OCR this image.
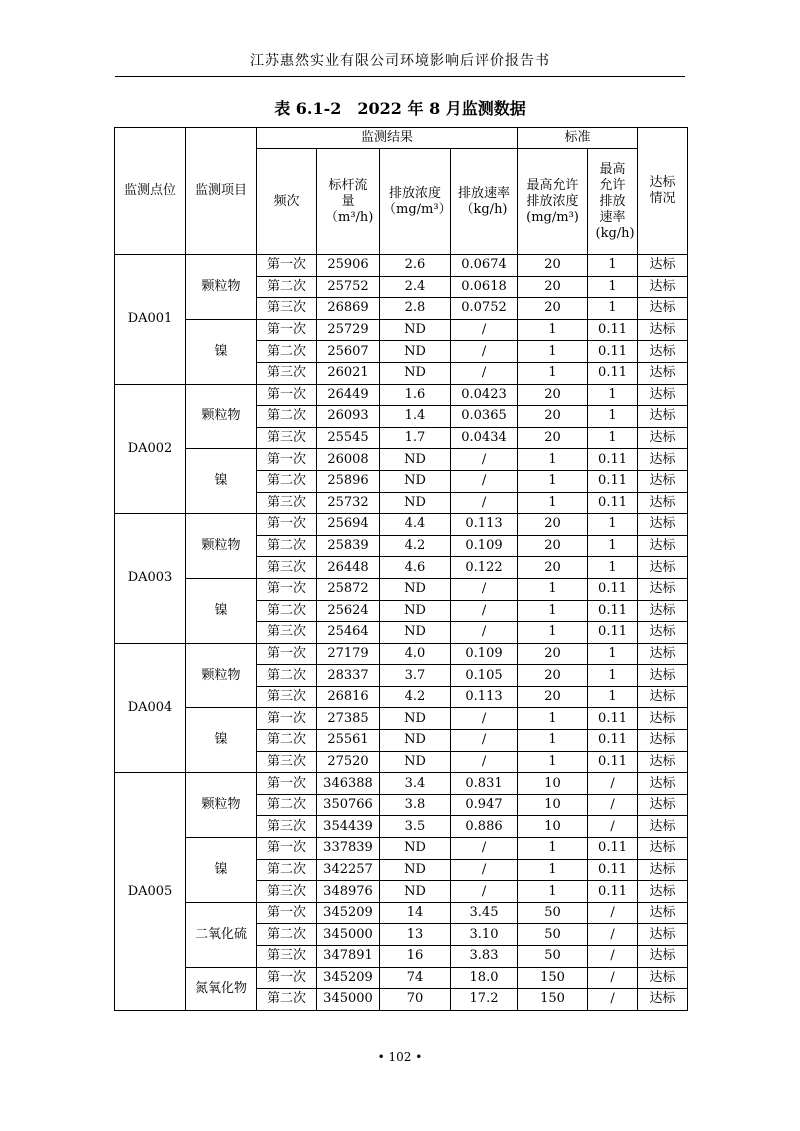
江苏惠然实业有限公司环境影响后评价报告书
表 6.1-2　2022 年 8 月监测数据
监测点位	监测项目	监测结果				标准		达标情况
		频次	标杆流量（m³/h)	排放浓度（mg/m³）	排放速率（kg/h)	最高允许排放浓度(mg/m³)	最高允许排放速率(kg/h)	
DA001	颗粒物	第一次	25906	2.6	0.0674	20	1	达标
		第二次	25752	2.4	0.0618	20	1	达标
		第三次	26869	2.8	0.0752	20	1	达标
	镍	第一次	25729	ND	/	1	0.11	达标
		第二次	25607	ND	/	1	0.11	达标
		第三次	26021	ND	/	1	0.11	达标
DA002	颗粒物	第一次	26449	1.6	0.0423	20	1	达标
		第二次	26093	1.4	0.0365	20	1	达标
		第三次	25545	1.7	0.0434	20	1	达标
	镍	第一次	26008	ND	/	1	0.11	达标
		第二次	25896	ND	/	1	0.11	达标
		第三次	25732	ND	/	1	0.11	达标
DA003	颗粒物	第一次	25694	4.4	0.113	20	1	达标
		第二次	25839	4.2	0.109	20	1	达标
		第三次	26448	4.6	0.122	20	1	达标
	镍	第一次	25872	ND	/	1	0.11	达标
		第二次	25624	ND	/	1	0.11	达标
		第三次	25464	ND	/	1	0.11	达标
DA004	颗粒物	第一次	27179	4.0	0.109	20	1	达标
		第二次	28337	3.7	0.105	20	1	达标
		第三次	26816	4.2	0.113	20	1	达标
	镍	第一次	27385	ND	/	1	0.11	达标
		第二次	25561	ND	/	1	0.11	达标
		第三次	27520	ND	/	1	0.11	达标
DA005	颗粒物	第一次	346388	3.4	0.831	10	/	达标
		第二次	350766	3.8	0.947	10	/	达标
		第三次	354439	3.5	0.886	10	/	达标
	镍	第一次	337839	ND	/	1	0.11	达标
		第二次	342257	ND	/	1	0.11	达标
		第三次	348976	ND	/	1	0.11	达标
	二氧化硫	第一次	345209	14	3.45	50	/	达标
		第二次	345000	13	3.10	50	/	达标
		第三次	347891	16	3.83	50	/	达标
	氮氧化物	第一次	345209	74	18.0	150	/	达标
		第二次	345000	70	17.2	150	/	达标
• 102 •
